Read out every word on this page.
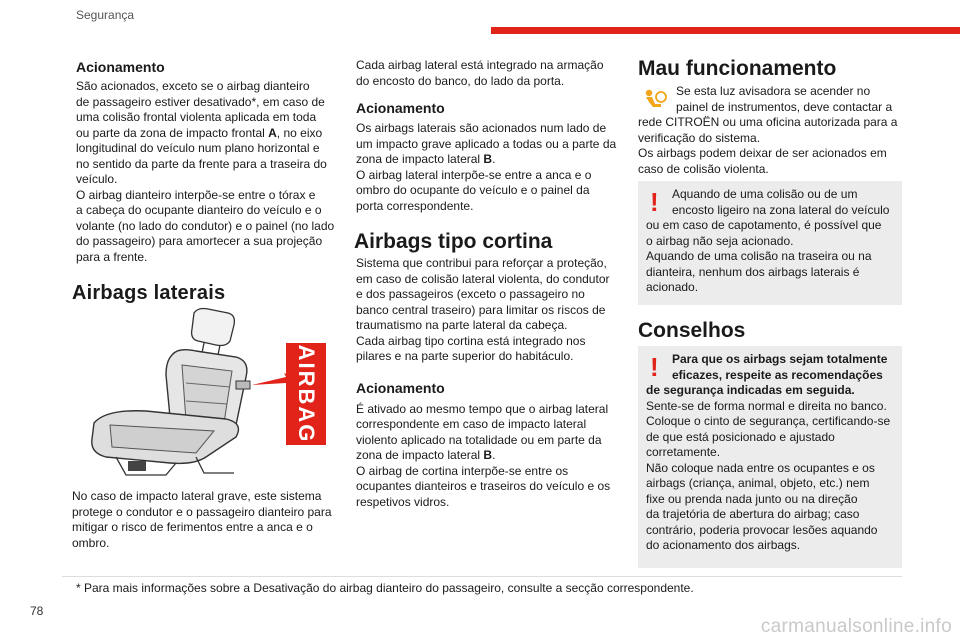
Segurança
Acionamento

São acionados, exceto se o airbag dianteiro

de passageiro estiver desativado*, em caso de

uma colisão frontal violenta aplicada em toda

ou parte da zona de impacto frontal A, no eixo

longitudinal do veículo num plano horizontal e

no sentido da parte da frente para a traseira do

veículo.

O airbag dianteiro interpõe-se entre o tórax e

a cabeça do ocupante dianteiro do veículo e o

volante (no lado do condutor) e o painel (no lado

do passageiro) para amortecer a sua projeção

para a frente.

Airbags laterais
AIRBAG

No caso de impacto lateral grave, este sistema

protege o condutor e o passageiro dianteiro para

mitigar o risco de ferimentos entre a anca e o

ombro.

Cada airbag lateral está integrado na armação

do encosto do banco, do lado da porta.

Acionamento

Os airbags laterais são acionados num lado de

um impacto grave aplicado a todas ou a parte da

zona de impacto lateral B.

O airbag lateral interpõe-se entre a anca e o

ombro do ocupante do veículo e o painel da

porta correspondente.

Airbags tipo cortina

Sistema que contribui para reforçar a proteção,

em caso de colisão lateral violenta, do condutor

e dos passageiros (exceto o passageiro no

banco central traseiro) para limitar os riscos de

traumatismo na parte lateral da cabeça.

Cada airbag tipo cortina está integrado nos

pilares e na parte superior do habitáculo.

Acionamento

É ativado ao mesmo tempo que o airbag lateral

correspondente em caso de impacto lateral

violento aplicado na totalidade ou em parte da

zona de impacto lateral B.

O airbag de cortina interpõe-se entre os

ocupantes dianteiros e traseiros do veículo e os

respetivos vidros.

Mau funcionamento

Se esta luz avisadora se acender no

painel de instrumentos, deve contactar a

rede CITROËN ou uma oficina autorizada para a

verificação do sistema.

Os airbags podem deixar de ser acionados em

caso de colisão violenta.

! Aquando de uma colisão ou de um

encosto ligeiro na zona lateral do veículo

ou em caso de capotamento, é possível que

o airbag não seja acionado.

Aquando de uma colisão na traseira ou na

dianteira, nenhum dos airbags laterais é

acionado.

Conselhos
! Para que os airbags sejam totalmente

eficazes, respeite as recomendações

de segurança indicadas em seguida.

Sente-se de forma normal e direita no banco.

Coloque o cinto de segurança, certificando-se

de que está posicionado e ajustado

corretamente.

Não coloque nada entre os ocupantes e os

airbags (criança, animal, objeto, etc.) nem

fixe ou prenda nada junto ou na direção

da trajetória de abertura do airbag; caso

contrário, poderia provocar lesões aquando

do acionamento dos airbags.

* Para mais informações sobre a Desativação do airbag dianteiro do passageiro, consulte a secção correspondente.
78
carmanualsonline.info
